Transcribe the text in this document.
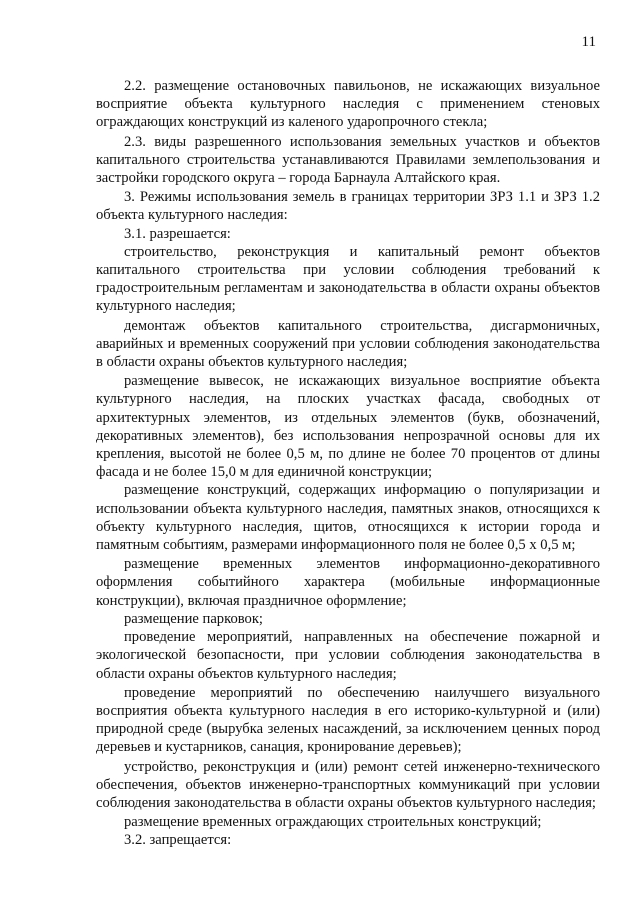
11

2.2. размещение остановочных павильонов, не искажающих визуальное восприятие объекта культурного наследия с применением стеновых ограждающих конструкций из каленого ударопрочного стекла;

2.3. виды разрешенного использования земельных участков и объектов капитального строительства устанавливаются Правилами землепользования и застройки городского округа – города Барнаула Алтайского края.

3. Режимы использования земель в границах территории ЗРЗ 1.1 и ЗРЗ 1.2 объекта культурного наследия:

3.1. разрешается:

строительство, реконструкция и капитальный ремонт объектов капитального строительства при условии соблюдения требований к градостроительным регламентам и законодательства в области охраны объектов культурного наследия;

демонтаж объектов капитального строительства, дисгармоничных, аварийных и временных сооружений при условии соблюдения законодательства в области охраны объектов культурного наследия;

размещение вывесок, не искажающих визуальное восприятие объекта культурного наследия, на плоских участках фасада, свободных от архитектурных элементов, из отдельных элементов (букв, обозначений, декоративных элементов), без использования непрозрачной основы для их крепления, высотой не более 0,5 м, по длине не более 70 процентов от длины фасада и не более 15,0 м для единичной конструкции;

размещение конструкций, содержащих информацию о популяризации и использовании объекта культурного наследия, памятных знаков, относящихся к объекту культурного наследия, щитов, относящихся к истории города и памятным событиям, размерами информационного поля не более 0,5 х 0,5 м;

размещение временных элементов информационно-декоративного оформления событийного характера (мобильные информационные конструкции), включая праздничное оформление;

размещение парковок;

проведение мероприятий, направленных на обеспечение пожарной и экологической безопасности, при условии соблюдения законодательства в области охраны объектов культурного наследия;

проведение мероприятий по обеспечению наилучшего визуального восприятия объекта культурного наследия в его историко-культурной и (или) природной среде (вырубка зеленых насаждений, за исключением ценных пород деревьев и кустарников, санация, кронирование деревьев);

устройство, реконструкция и (или) ремонт сетей инженерно-технического обеспечения, объектов инженерно-транспортных коммуникаций при условии соблюдения законодательства в области охраны объектов культурного наследия;

размещение временных ограждающих строительных конструкций;

3.2. запрещается:
